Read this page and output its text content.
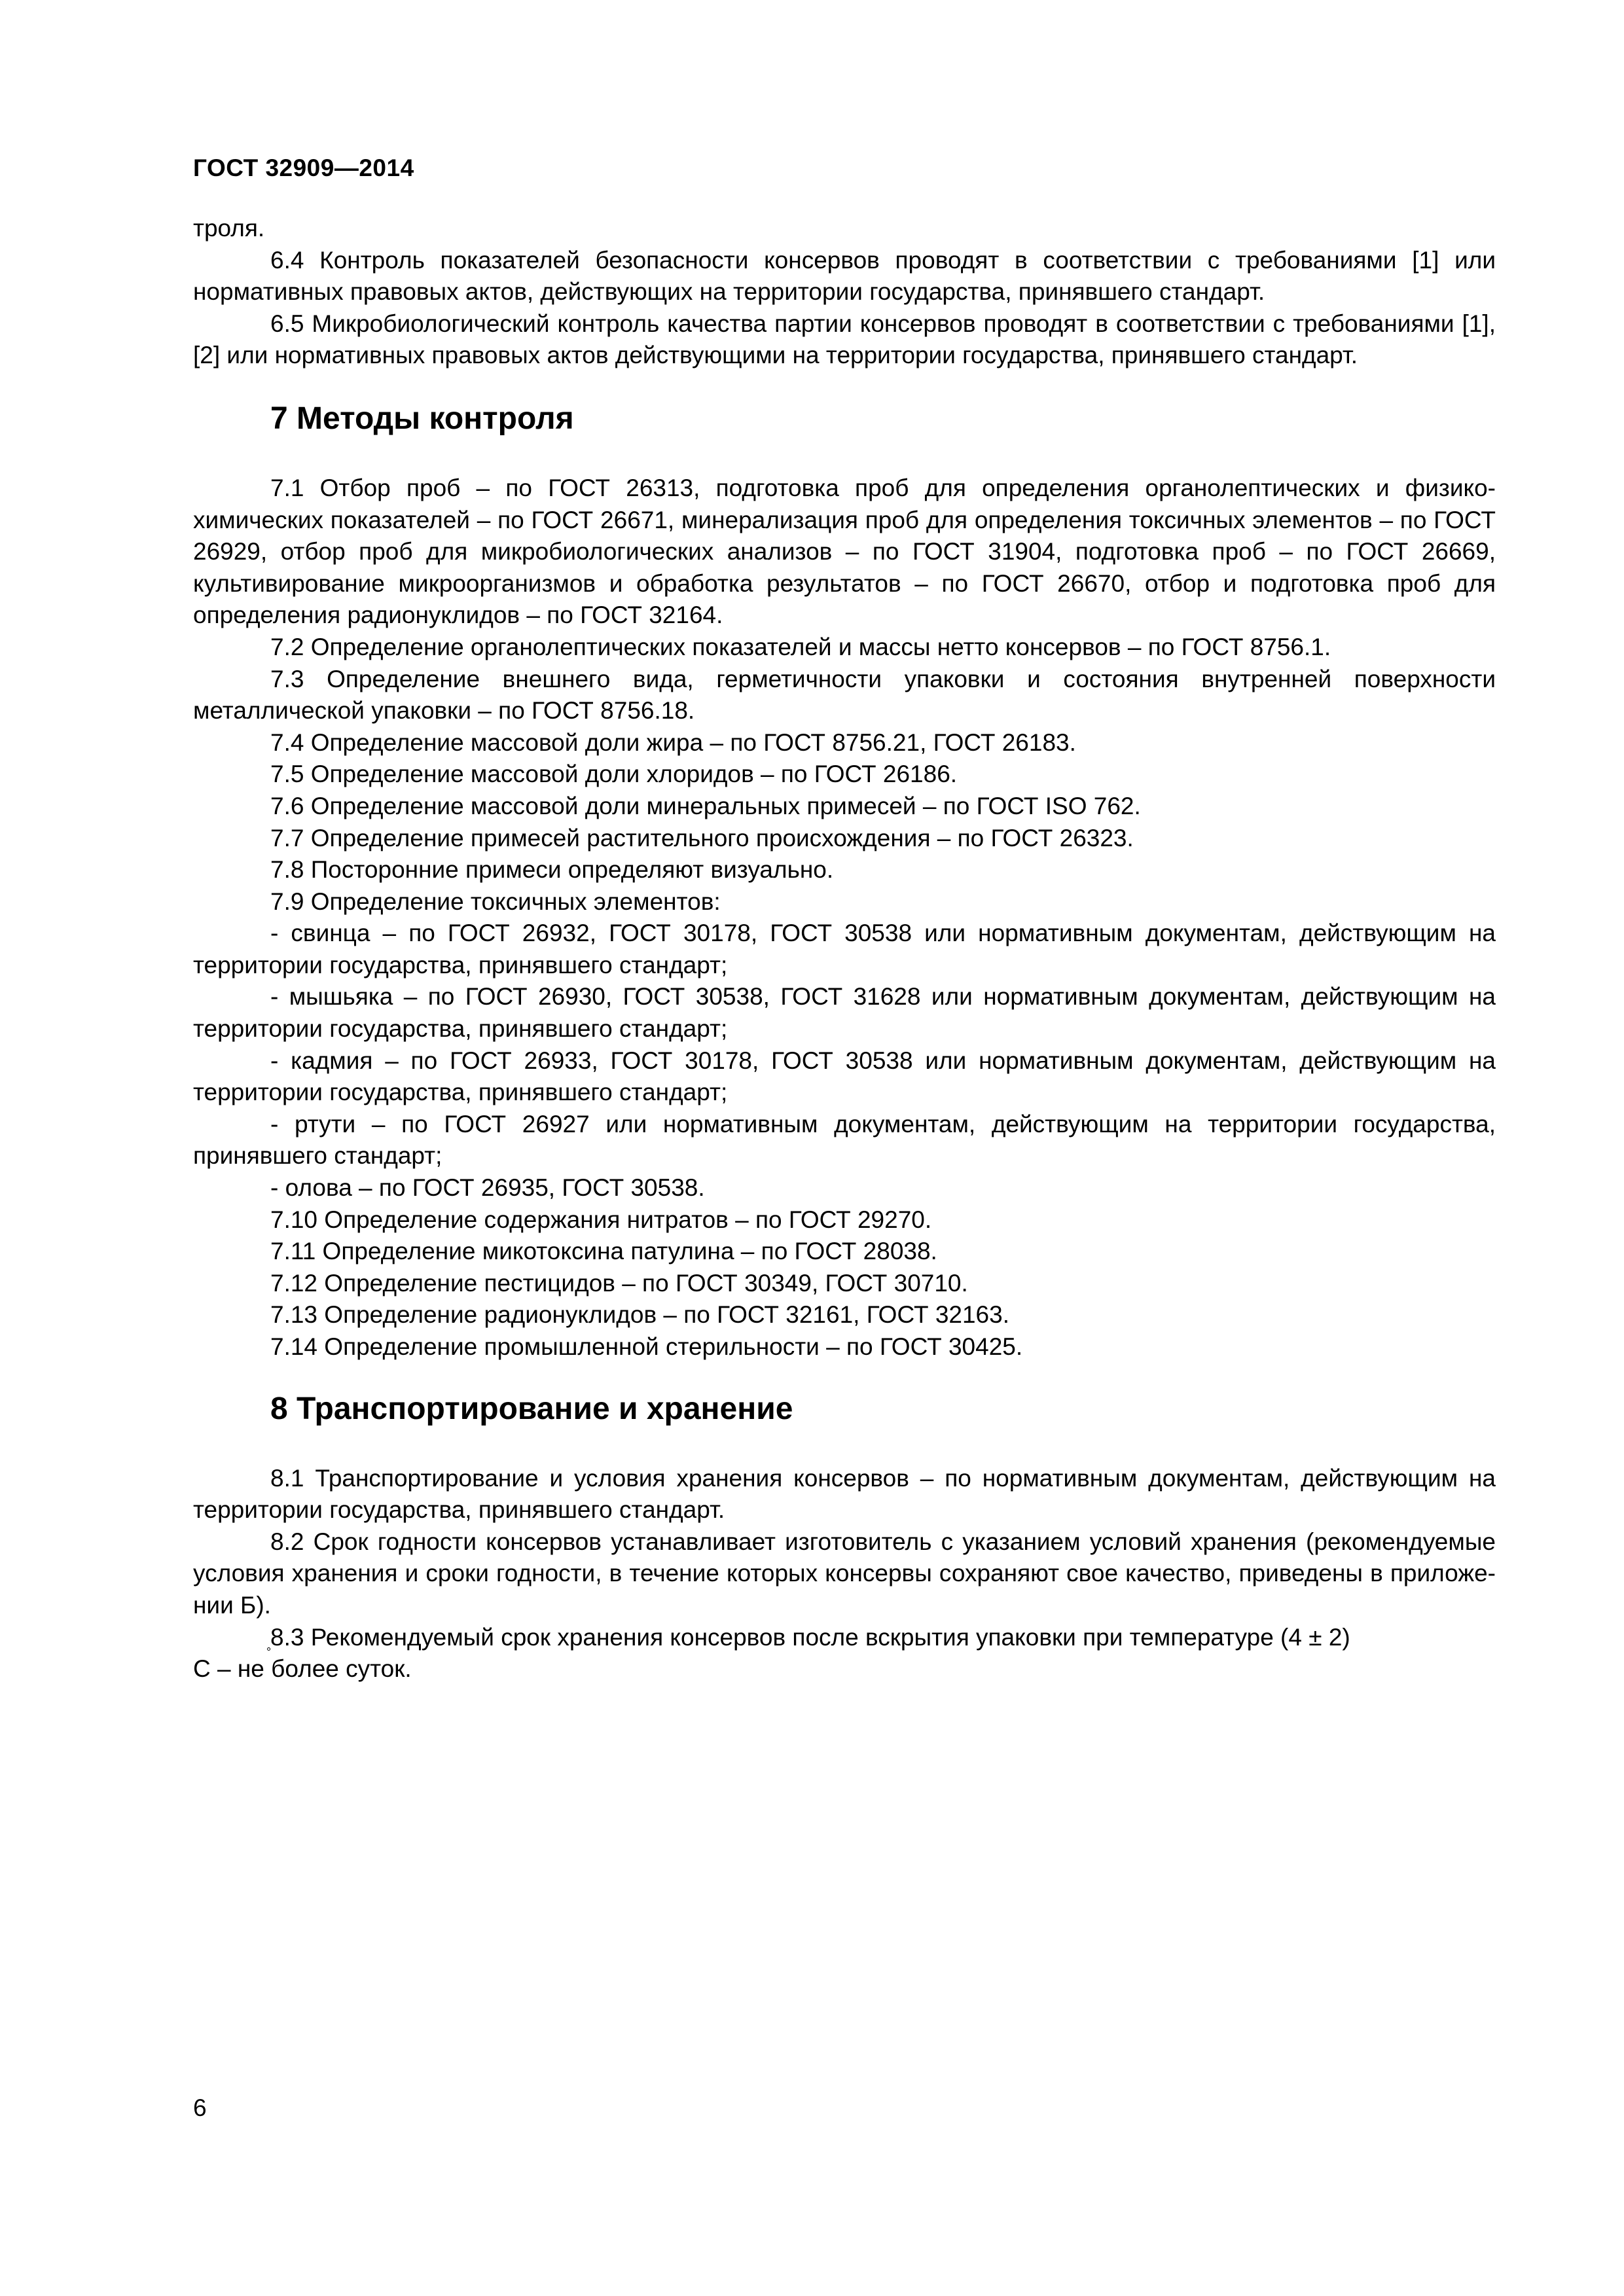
ГОСТ 32909—2014

троля.

6.4 Контроль показателей безопасности консервов проводят в соответствии с требованиями [1] или нормативных правовых актов, действующих на территории государства, принявшего стандарт.

6.5 Микробиологический контроль качества партии консервов проводят в соответствии с требованиями [1], [2] или нормативных правовых актов действующими на территории государства, принявшего стандарт.

7 Методы контроля

7.1 Отбор проб – по ГОСТ 26313, подготовка проб для определения органолептических и физико-химических показателей – по ГОСТ 26671, минерализация проб для определения токсичных элементов – по ГОСТ 26929, отбор проб для микробиологических анализов – по ГОСТ 31904, подготовка проб – по ГОСТ 26669, культивирование микроорганизмов и обработка результатов – по ГОСТ 26670, отбор и подготовка проб для определения радионуклидов – по ГОСТ 32164.

7.2 Определение органолептических показателей и массы нетто консервов – по ГОСТ 8756.1.

7.3 Определение внешнего вида, герметичности упаковки и состояния внутренней поверхности металлической упаковки – по ГОСТ 8756.18.

7.4 Определение массовой доли жира – по ГОСТ 8756.21, ГОСТ 26183.

7.5 Определение массовой доли хлоридов – по ГОСТ 26186.

7.6 Определение массовой доли минеральных примесей – по ГОСТ ISO 762.

7.7 Определение примесей растительного происхождения – по ГОСТ 26323.

7.8 Посторонние примеси определяют визуально.

7.9 Определение токсичных элементов:

- свинца – по ГОСТ 26932, ГОСТ 30178, ГОСТ 30538 или нормативным документам, действующим на территории государства, принявшего стандарт;

- мышьяка – по ГОСТ 26930, ГОСТ 30538, ГОСТ 31628 или нормативным документам, действующим на территории государства, принявшего стандарт;

- кадмия – по ГОСТ 26933, ГОСТ 30178, ГОСТ 30538 или нормативным документам, действующим на территории государства, принявшего стандарт;

- ртути – по ГОСТ 26927 или нормативным документам, действующим на территории государства, принявшего стандарт;

- олова – по ГОСТ 26935, ГОСТ 30538.

7.10 Определение содержания нитратов – по ГОСТ 29270.

7.11 Определение микотоксина патулина – по ГОСТ 28038.

7.12 Определение пестицидов – по ГОСТ 30349, ГОСТ 30710.

7.13 Определение радионуклидов – по ГОСТ 32161, ГОСТ 32163.

7.14 Определение промышленной стерильности – по ГОСТ 30425.

8 Транспортирование и хранение

8.1 Транспортирование и условия хранения консервов – по нормативным документам, действующим на территории государства, принявшего стандарт.

8.2 Срок годности консервов устанавливает изготовитель с указанием условий хранения (рекомендуемые условия хранения и сроки годности, в течение которых консервы сохраняют свое качество, приведены в приложе-нии Б).

8.3 Рекомендуемый срок хранения консервов после вскрытия упаковки при температуре (4 ± 2)

°
С – не более суток.

6
